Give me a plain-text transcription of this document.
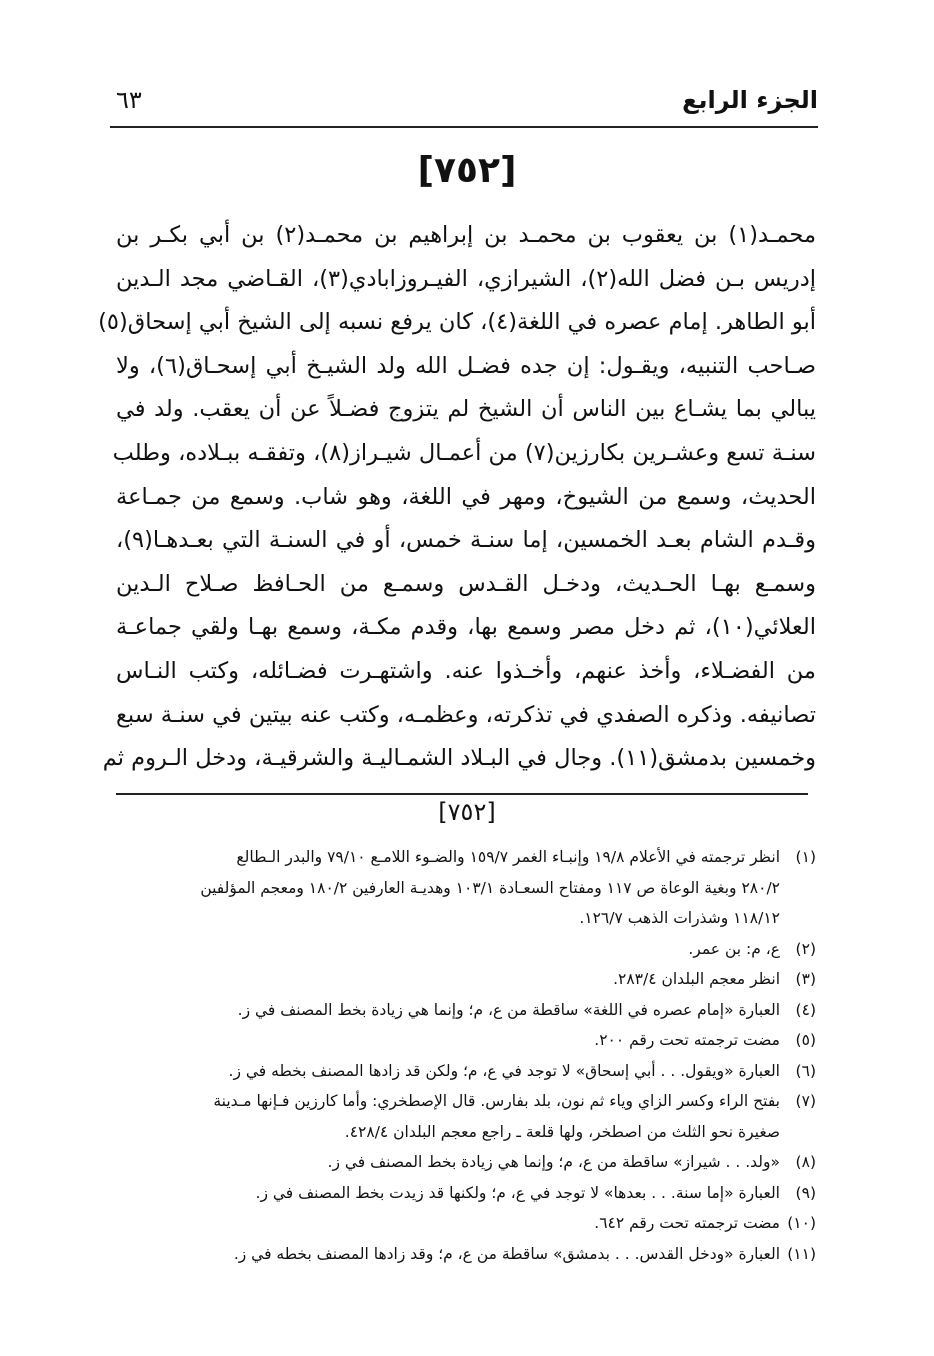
الجزء الرابع
٦٣
[٧٥٢]
محمـد(١) بن يعقوب بن محمـد بن إبراهيم بن محمـد(٢) بن أبي بكـر بن
إدريس بـن فضل الله(٢)، الشيرازي، الفيـروزابادي(٣)، القـاضي مجد الـدين
أبو الطاهر. إمام عصره في اللغة(٤)، كان يرفع نسبه إلى الشيخ أبي إسحاق(٥)
صـاحب التنبيه، ويقـول: إن جده فضـل الله ولد الشيـخ أبي إسحـاق(٦)، ولا
يبالي بما يشـاع بين الناس أن الشيخ لم يتزوج فضـلاً عن أن يعقب. ولد في
سنـة تسع وعشـرين بكارزين(٧) من أعمـال شيـراز(٨)، وتفقـه ببـلاده، وطلب
الحديث، وسمع من الشيوخ، ومهر في اللغة، وهو شاب. وسمع من جمـاعة
وقـدم الشام بعـد الخمسين، إما سنـة خمس، أو في السنـة التي بعـدهـا(٩)،
وسمـع بهـا الحـديث، ودخـل القـدس وسمـع من الحـافظ صـلاح الـدين
العلائي(١٠)، ثم دخل مصر وسمع بها، وقدم مكـة، وسمع بهـا ولقي جماعـة
من الفضـلاء، وأخذ عنهم، وأخـذوا عنه. واشتهـرت فضـائله، وكتب النـاس
تصانيفه. وذكره الصفدي في تذكرته، وعظمـه، وكتب عنه بيتين في سنـة سبع
وخمسين بدمشق(١١). وجال في البـلاد الشمـاليـة والشرقيـة، ودخل الـروم ثم
[٧٥٢]
(١)
انظر ترجمته في الأعلام ١٩/٨ وإنبـاء الغمر ١٥٩/٧ والضـوء اللامـع ٧٩/١٠ والبدر الـطالع
٢٨٠/٢ وبغية الوعاة ص ١١٧ ومفتاح السعـادة ١٠٣/١ وهديـة العارفين ١٨٠/٢ ومعجم المؤلفين
١١٨/١٢ وشذرات الذهب ١٢٦/٧.
(٢)
ع، م: بن عمر.
(٣)
انظر معجم البلدان ٢٨٣/٤.
(٤)
العبارة «إمام عصره في اللغة» ساقطة من ع، م؛ وإنما هي زيادة بخط المصنف في ز.
(٥)
مضت ترجمته تحت رقم ٢٠٠.
(٦)
العبارة «ويقول. . . أبي إسحاق» لا توجد في ع، م؛ ولكن قد زادها المصنف بخطه في ز.
(٧)
بفتح الراء وكسر الزاي وياء ثم نون، بلد بفارس. قال الإصطخري: وأما كارزين فـإنها مـدينة
صغيرة نحو الثلث من اصطخر، ولها قلعة ـ راجع معجم البلدان ٤٢٨/٤.
(٨)
«ولد. . . شيراز» ساقطة من ع، م؛ وإنما هي زيادة بخط المصنف في ز.
(٩)
العبارة «إما سنة. . . بعدها» لا توجد في ع، م؛ ولكنها قد زيدت بخط المصنف في ز.
(١٠)
مضت ترجمته تحت رقم ٦٤٢.
(١١)
العبارة «ودخل القدس. . . بدمشق» ساقطة من ع، م؛ وقد زادها المصنف بخطه في ز.
